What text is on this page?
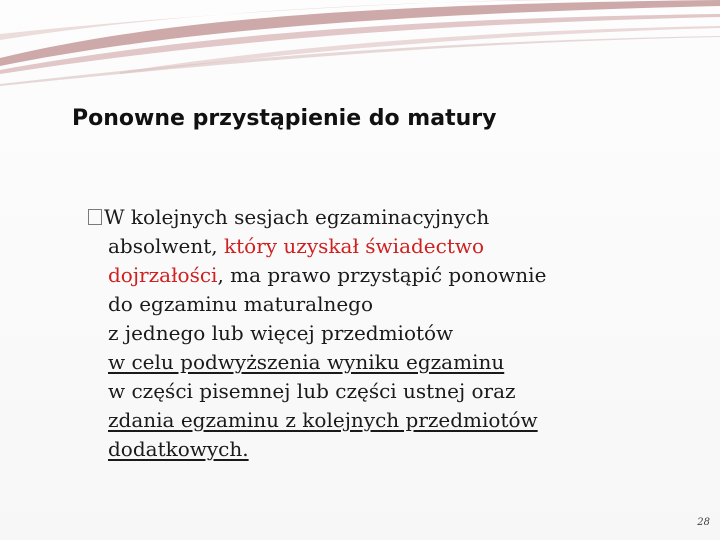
Ponowne przystąpienie do matury
W kolejnych sesjach egzaminacyjnych
absolwent, który uzyskał świadectwo
dojrzałości, ma prawo przystąpić ponownie
do egzaminu maturalnego
z jednego lub więcej przedmiotów
w celu podwyższenia wyniku egzaminu
w części pisemnej lub części ustnej oraz
zdania egzaminu z kolejnych przedmiotów
dodatkowych.
28
